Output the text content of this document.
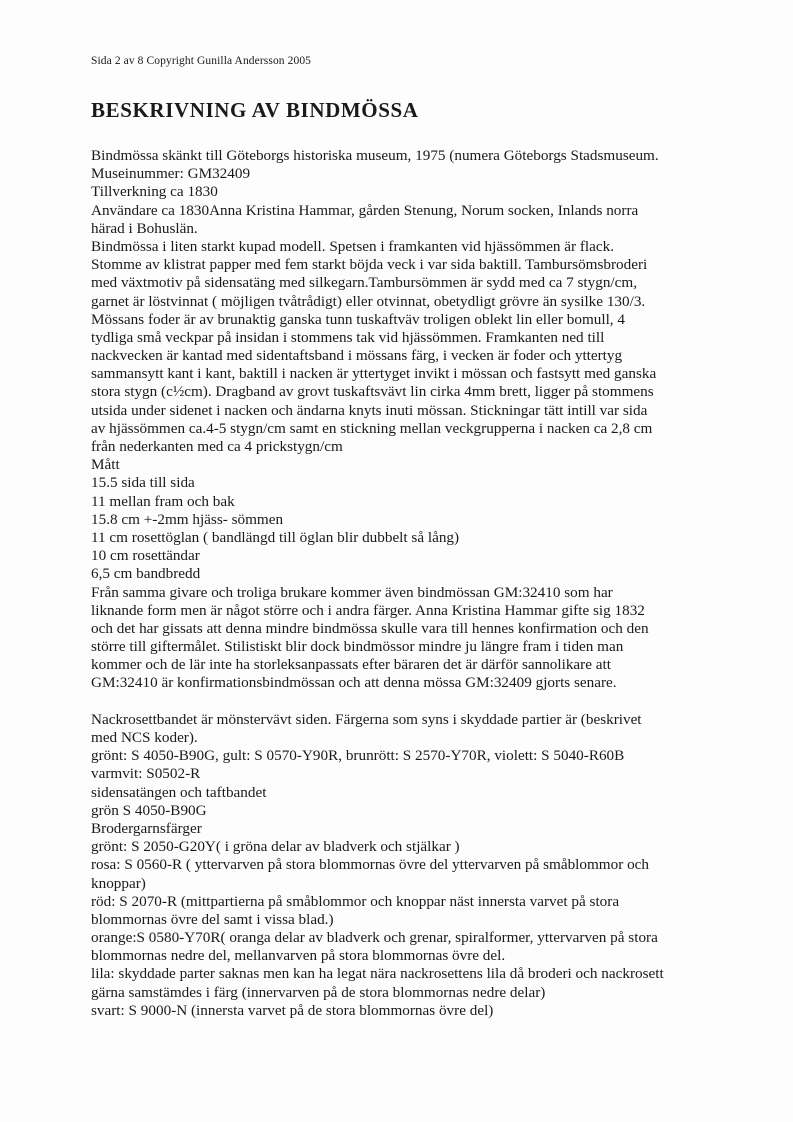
Sida 2 av 8 Copyright Gunilla Andersson 2005
BESKRIVNING AV BINDMÖSSA
Bindmössa skänkt till Göteborgs historiska museum, 1975 (numera Göteborgs Stadsmuseum.
Museinummer: GM32409
Tillverkning ca 1830
Användare ca 1830Anna Kristina Hammar, gården Stenung, Norum socken, Inlands norra
härad i Bohuslän.
Bindmössa i liten starkt kupad modell. Spetsen i framkanten vid hjässömmen är flack.
Stomme av klistrat papper med fem starkt böjda veck i var sida baktill. Tambursömsbroderi
med växtmotiv på sidensatäng med silkegarn.Tambursömmen är sydd med ca 7 stygn/cm,
garnet är löstvinnat ( möjligen tvåtrådigt) eller otvinnat, obetydligt grövre än sysilke 130/3.
Mössans foder är av brunaktig ganska tunn tuskaftväv troligen oblekt lin eller bomull, 4
tydliga små veckpar på insidan i stommens tak vid hjässömmen. Framkanten ned till
nackvecken är kantad med sidentaftsband i mössans färg, i vecken är foder och yttertyg
sammansytt kant i kant, baktill i nacken är yttertyget invikt i mössan och fastsytt med ganska
stora stygn (c½cm). Dragband av grovt tuskaftsvävt lin cirka 4mm brett, ligger på stommens
utsida under sidenet i nacken och ändarna knyts inuti mössan. Stickningar tätt intill var sida
av hjässömmen ca.4-5 stygn/cm samt en stickning mellan veckgrupperna i nacken ca 2,8 cm
från nederkanten med ca 4 prickstygn/cm
Mått
15.5 sida till sida
11 mellan fram och bak
15.8 cm +-2mm hjäss- sömmen
11 cm rosettöglan ( bandlängd till öglan blir dubbelt så lång)
10 cm rosettändar
6,5 cm bandbredd
Från samma givare och troliga brukare kommer även bindmössan GM:32410 som har
liknande form men är något större och i andra färger. Anna Kristina Hammar gifte sig 1832
och det har gissats att denna mindre bindmössa skulle vara till hennes konfirmation och den
större till giftermålet. Stilistiskt blir dock bindmössor mindre ju längre fram i tiden man
kommer och de lär inte ha storleksanpassats efter bäraren det är därför sannolikare att
GM:32410 är konfirmationsbindmössan och att denna mössa GM:32409 gjorts senare.
Nackrosettbandet är mönstervävt siden. Färgerna som syns i skyddade partier är (beskrivet
med NCS koder).
grönt: S 4050-B90G, gult: S 0570-Y90R, brunrött: S 2570-Y70R, violett: S 5040-R60B
varmvit: S0502-R
sidensatängen och taftbandet
grön S 4050-B90G
Brodergarnsfärger
grönt: S 2050-G20Y( i gröna delar av bladverk och stjälkar )
rosa: S 0560-R ( yttervarven på stora blommornas övre del yttervarven på småblommor och
knoppar)
röd: S 2070-R (mittpartierna på småblommor och knoppar näst innersta varvet på stora
blommornas övre del samt i vissa blad.)
orange:S 0580-Y70R( oranga delar av bladverk och grenar, spiralformer, yttervarven på stora
blommornas nedre del, mellanvarven på stora blommornas övre del.
lila: skyddade parter saknas men kan ha legat nära nackrosettens lila då broderi och nackrosett
gärna samstämdes i färg (innervarven på de stora blommornas nedre delar)
svart: S 9000-N (innersta varvet på de stora blommornas övre del)
